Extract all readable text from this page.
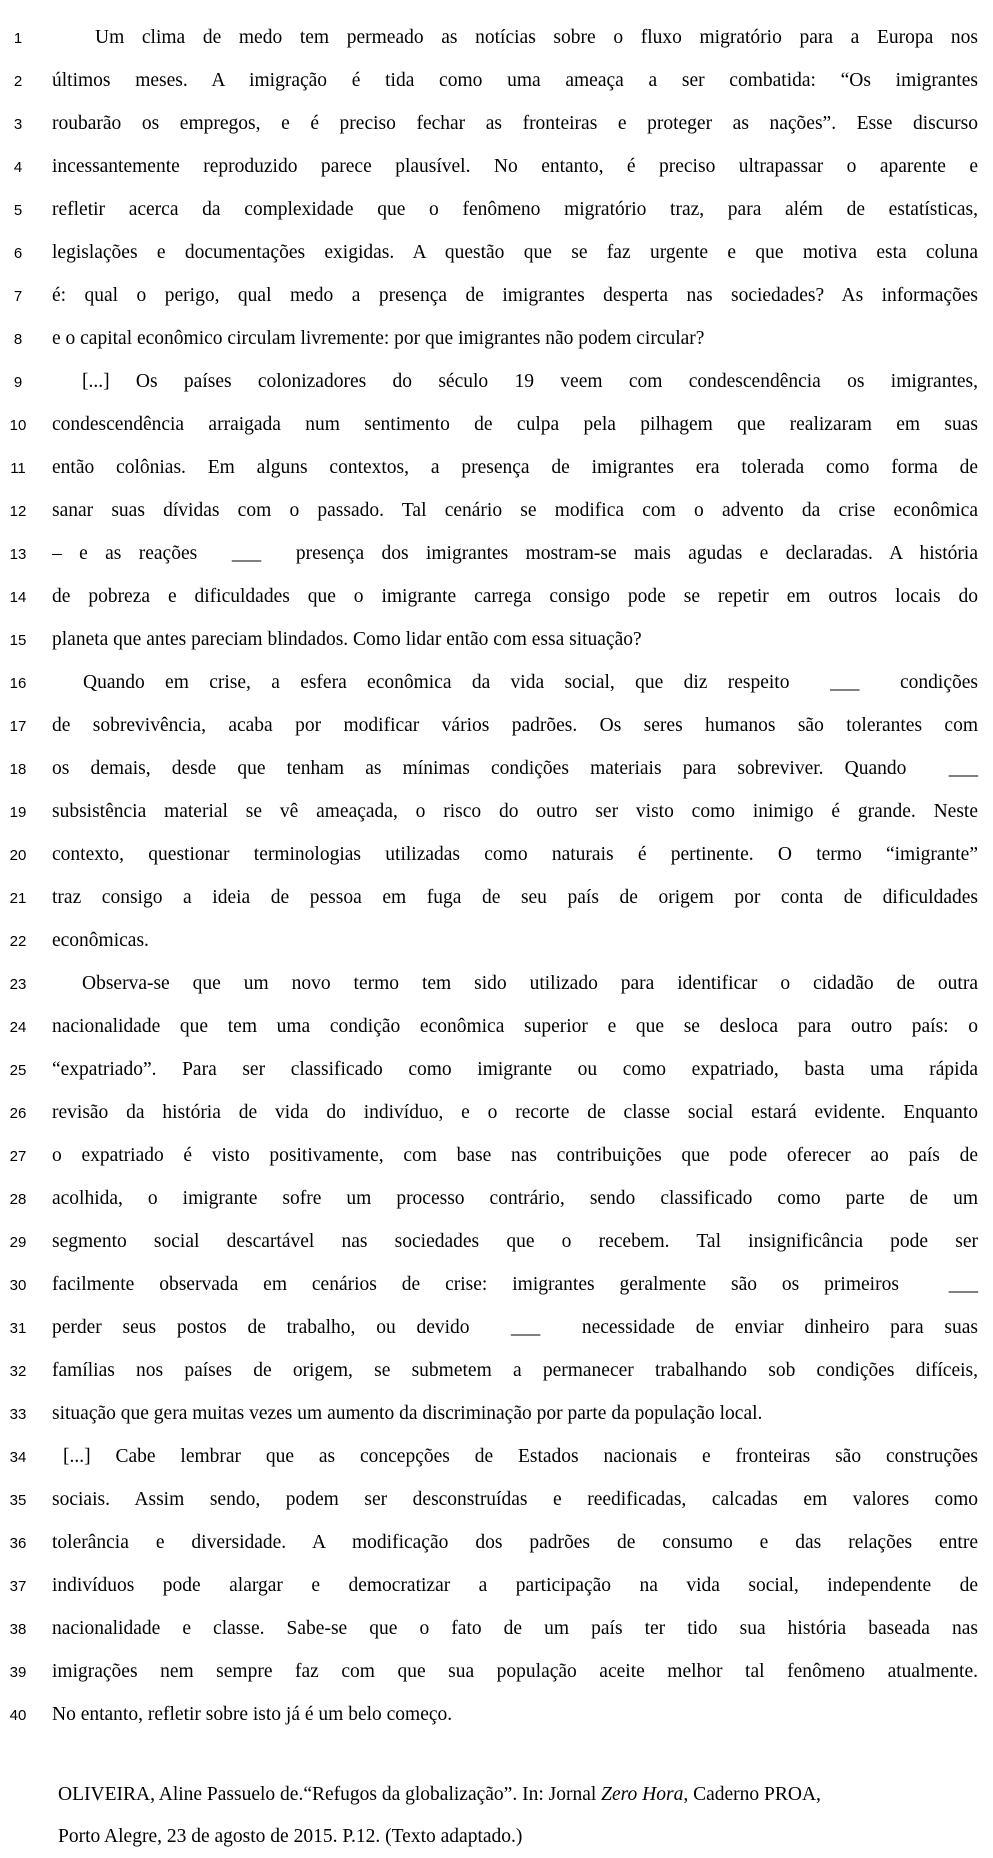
1	Um clima de medo tem permeado as notícias sobre o fluxo migratório para a Europa nos
2	últimos meses. A imigração é tida como uma ameaça a ser combatida: “Os imigrantes
3	roubarão os empregos, e é preciso fechar as fronteiras e proteger as nações”. Esse discurso
4	incessantemente reproduzido parece plausível. No entanto, é preciso ultrapassar o aparente e
5	refletir acerca da complexidade que o fenômeno migratório traz, para além de estatísticas,
6	legislações e documentações exigidas. A questão que se faz urgente e que motiva esta coluna
7	é: qual o perigo, qual medo a presença de imigrantes desperta nas sociedades? As informações
8	e o capital econômico circulam livremente: por que imigrantes não podem circular?
9	[...] Os países colonizadores do século 19 veem com condescendência os imigrantes,
10	condescendência arraigada num sentimento de culpa pela pilhagem que realizaram em suas
11	então colônias. Em alguns contextos, a presença de imigrantes era tolerada como forma de
12	sanar suas dívidas com o passado. Tal cenário se modifica com o advento da crise econômica
13	– e as reações  ___  presença dos imigrantes mostram-se mais agudas e declaradas. A história
14	de pobreza e dificuldades que o imigrante carrega consigo pode se repetir em outros locais do
15	planeta que antes pareciam blindados. Como lidar então com essa situação?
16	Quando em crise, a esfera econômica da vida social, que diz respeito  ___  condições
17	de sobrevivência, acaba por modificar vários padrões. Os seres humanos são tolerantes com
18	os demais, desde que tenham as mínimas condições materiais para sobreviver. Quando  ___
19	subsistência material se vê ameaçada, o risco do outro ser visto como inimigo é grande. Neste
20	contexto, questionar terminologias utilizadas como naturais é pertinente. O termo “imigrante”
21	traz consigo a ideia de pessoa em fuga de seu país de origem por conta de dificuldades
22	econômicas.
23	Observa-se que um novo termo tem sido utilizado para identificar o cidadão de outra
24	nacionalidade que tem uma condição econômica superior e que se desloca para outro país: o
25	“expatriado”. Para ser classificado como imigrante ou como expatriado, basta uma rápida
26	revisão da história de vida do indivíduo, e o recorte de classe social estará evidente. Enquanto
27	o expatriado é visto positivamente, com base nas contribuições que pode oferecer ao país de
28	acolhida, o imigrante sofre um processo contrário, sendo classificado como parte de um
29	segmento social descartável nas sociedades que o recebem. Tal insignificância pode ser
30	facilmente observada em cenários de crise: imigrantes geralmente são os primeiros  ___
31	perder seus postos de trabalho, ou devido  ___  necessidade de enviar dinheiro para suas
32	famílias nos países de origem, se submetem a permanecer trabalhando sob condições difíceis,
33	situação que gera muitas vezes um aumento da discriminação por parte da população local.
34	[...] Cabe lembrar que as concepções de Estados nacionais e fronteiras são construções
35	sociais. Assim sendo, podem ser desconstruídas e reedificadas, calcadas em valores como
36	tolerância e diversidade. A modificação dos padrões de consumo e das relações entre
37	indivíduos pode alargar e democratizar a participação na vida social, independente de
38	nacionalidade e classe. Sabe-se que o fato de um país ter tido sua história baseada nas
39	imigrações nem sempre faz com que sua população aceite melhor tal fenômeno atualmente.
40	No entanto, refletir sobre isto já é um belo começo.
OLIVEIRA, Aline Passuelo de.“Refugos da globalização”. In: Jornal Zero Hora, Caderno PROA,
Porto Alegre, 23 de agosto de 2015. P.12. (Texto adaptado.)
